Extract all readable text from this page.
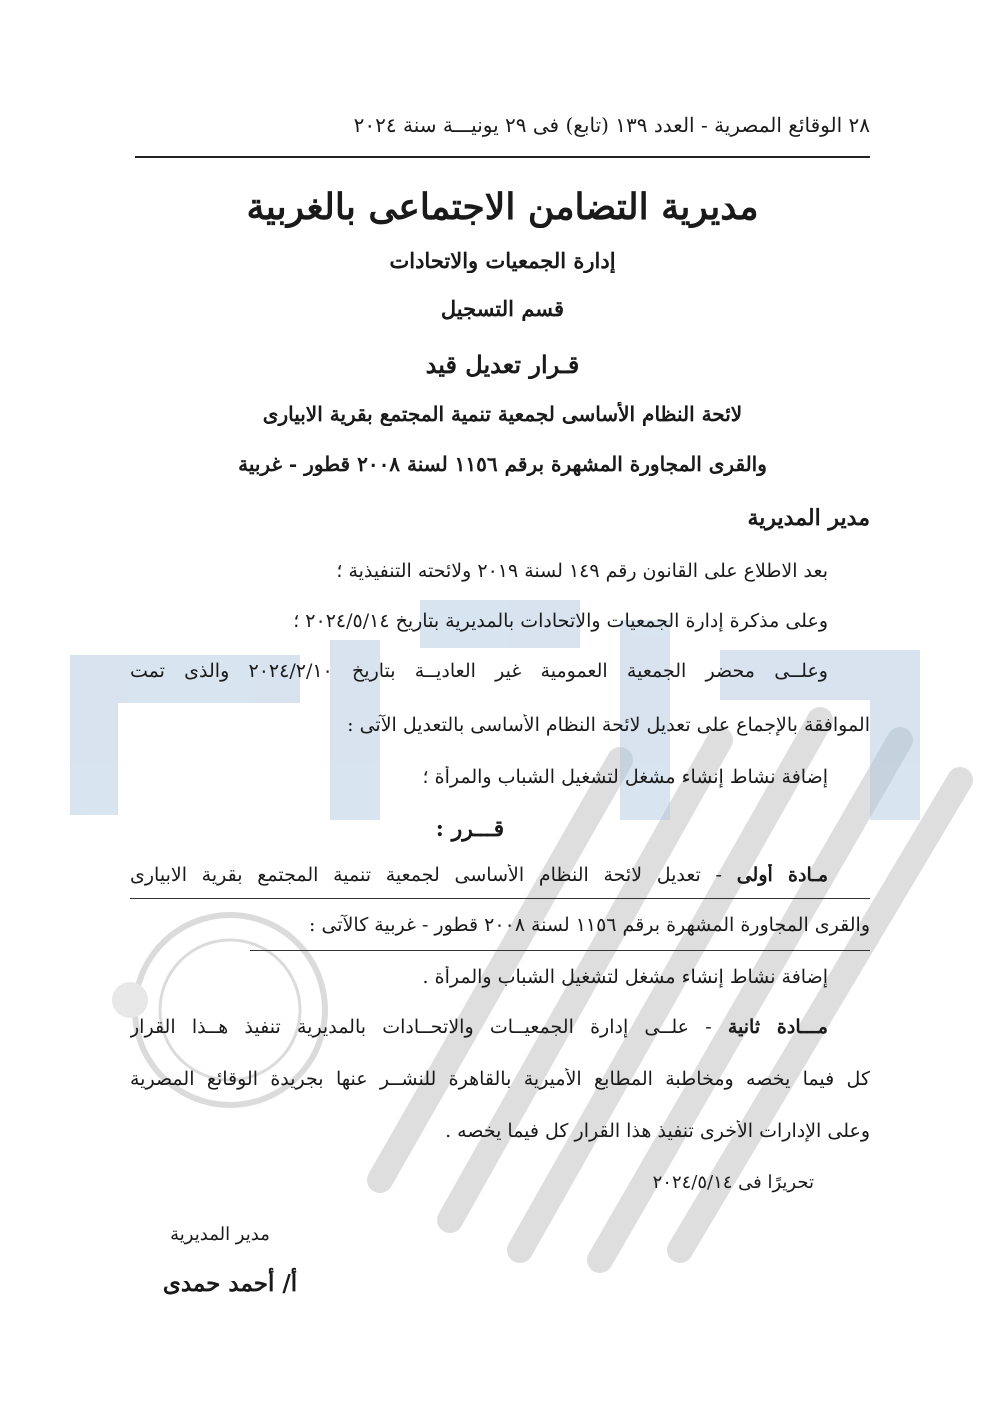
٢٨ الوقائع المصرية - العدد ١٣٩ (تابع) فى ٢٩ يونيـــة سنة ٢٠٢٤
مديرية التضامن الاجتماعى بالغربية
إدارة الجمعيات والاتحادات
قسم التسجيل
قـرار تعديل قيد
لائحة النظام الأساسى لجمعية تنمية المجتمع بقرية الابيارى
والقرى المجاورة المشهرة برقم ١١٥٦ لسنة ٢٠٠٨ قطور - غربية
مدير المديرية
بعد الاطلاع على القانون رقم ١٤٩ لسنة ٢٠١٩ ولائحته التنفيذية ؛
وعلى مذكرة إدارة الجمعيات والاتحادات بالمديرية بتاريخ ٢٠٢٤/٥/١٤ ؛
وعلــى محضر الجمعية العمومية غير العاديــة بتاريخ ٢٠٢٤/٢/١٠ والذى تمت
الموافقة بالإجماع على تعديل لائحة النظام الأساسى بالتعديل الآتى :
إضافة نشاط إنشاء مشغل لتشغيل الشباب والمرأة ؛
قـــرر :
مـادة أولى - تعديل لائحة النظام الأساسى لجمعية تنمية المجتمع بقرية الابيارى
والقرى المجاورة المشهرة برقم ١١٥٦ لسنة ٢٠٠٨ قطور - غربية كالآتى :
إضافة نشاط إنشاء مشغل لتشغيل الشباب والمرأة .
مـــادة ثانية - علــى إدارة الجمعيــات والاتحــادات بالمديرية تنفيذ هــذا القرار
كل فيما يخصه ومخاطبة المطابع الأميرية بالقاهرة للنشــر عنها بجريدة الوقائع المصرية
وعلى الإدارات الأخرى تنفيذ هذا القرار كل فيما يخصه .
تحريرًا فى ٢٠٢٤/٥/١٤
مدير المديرية
أ/ أحمد حمدى
